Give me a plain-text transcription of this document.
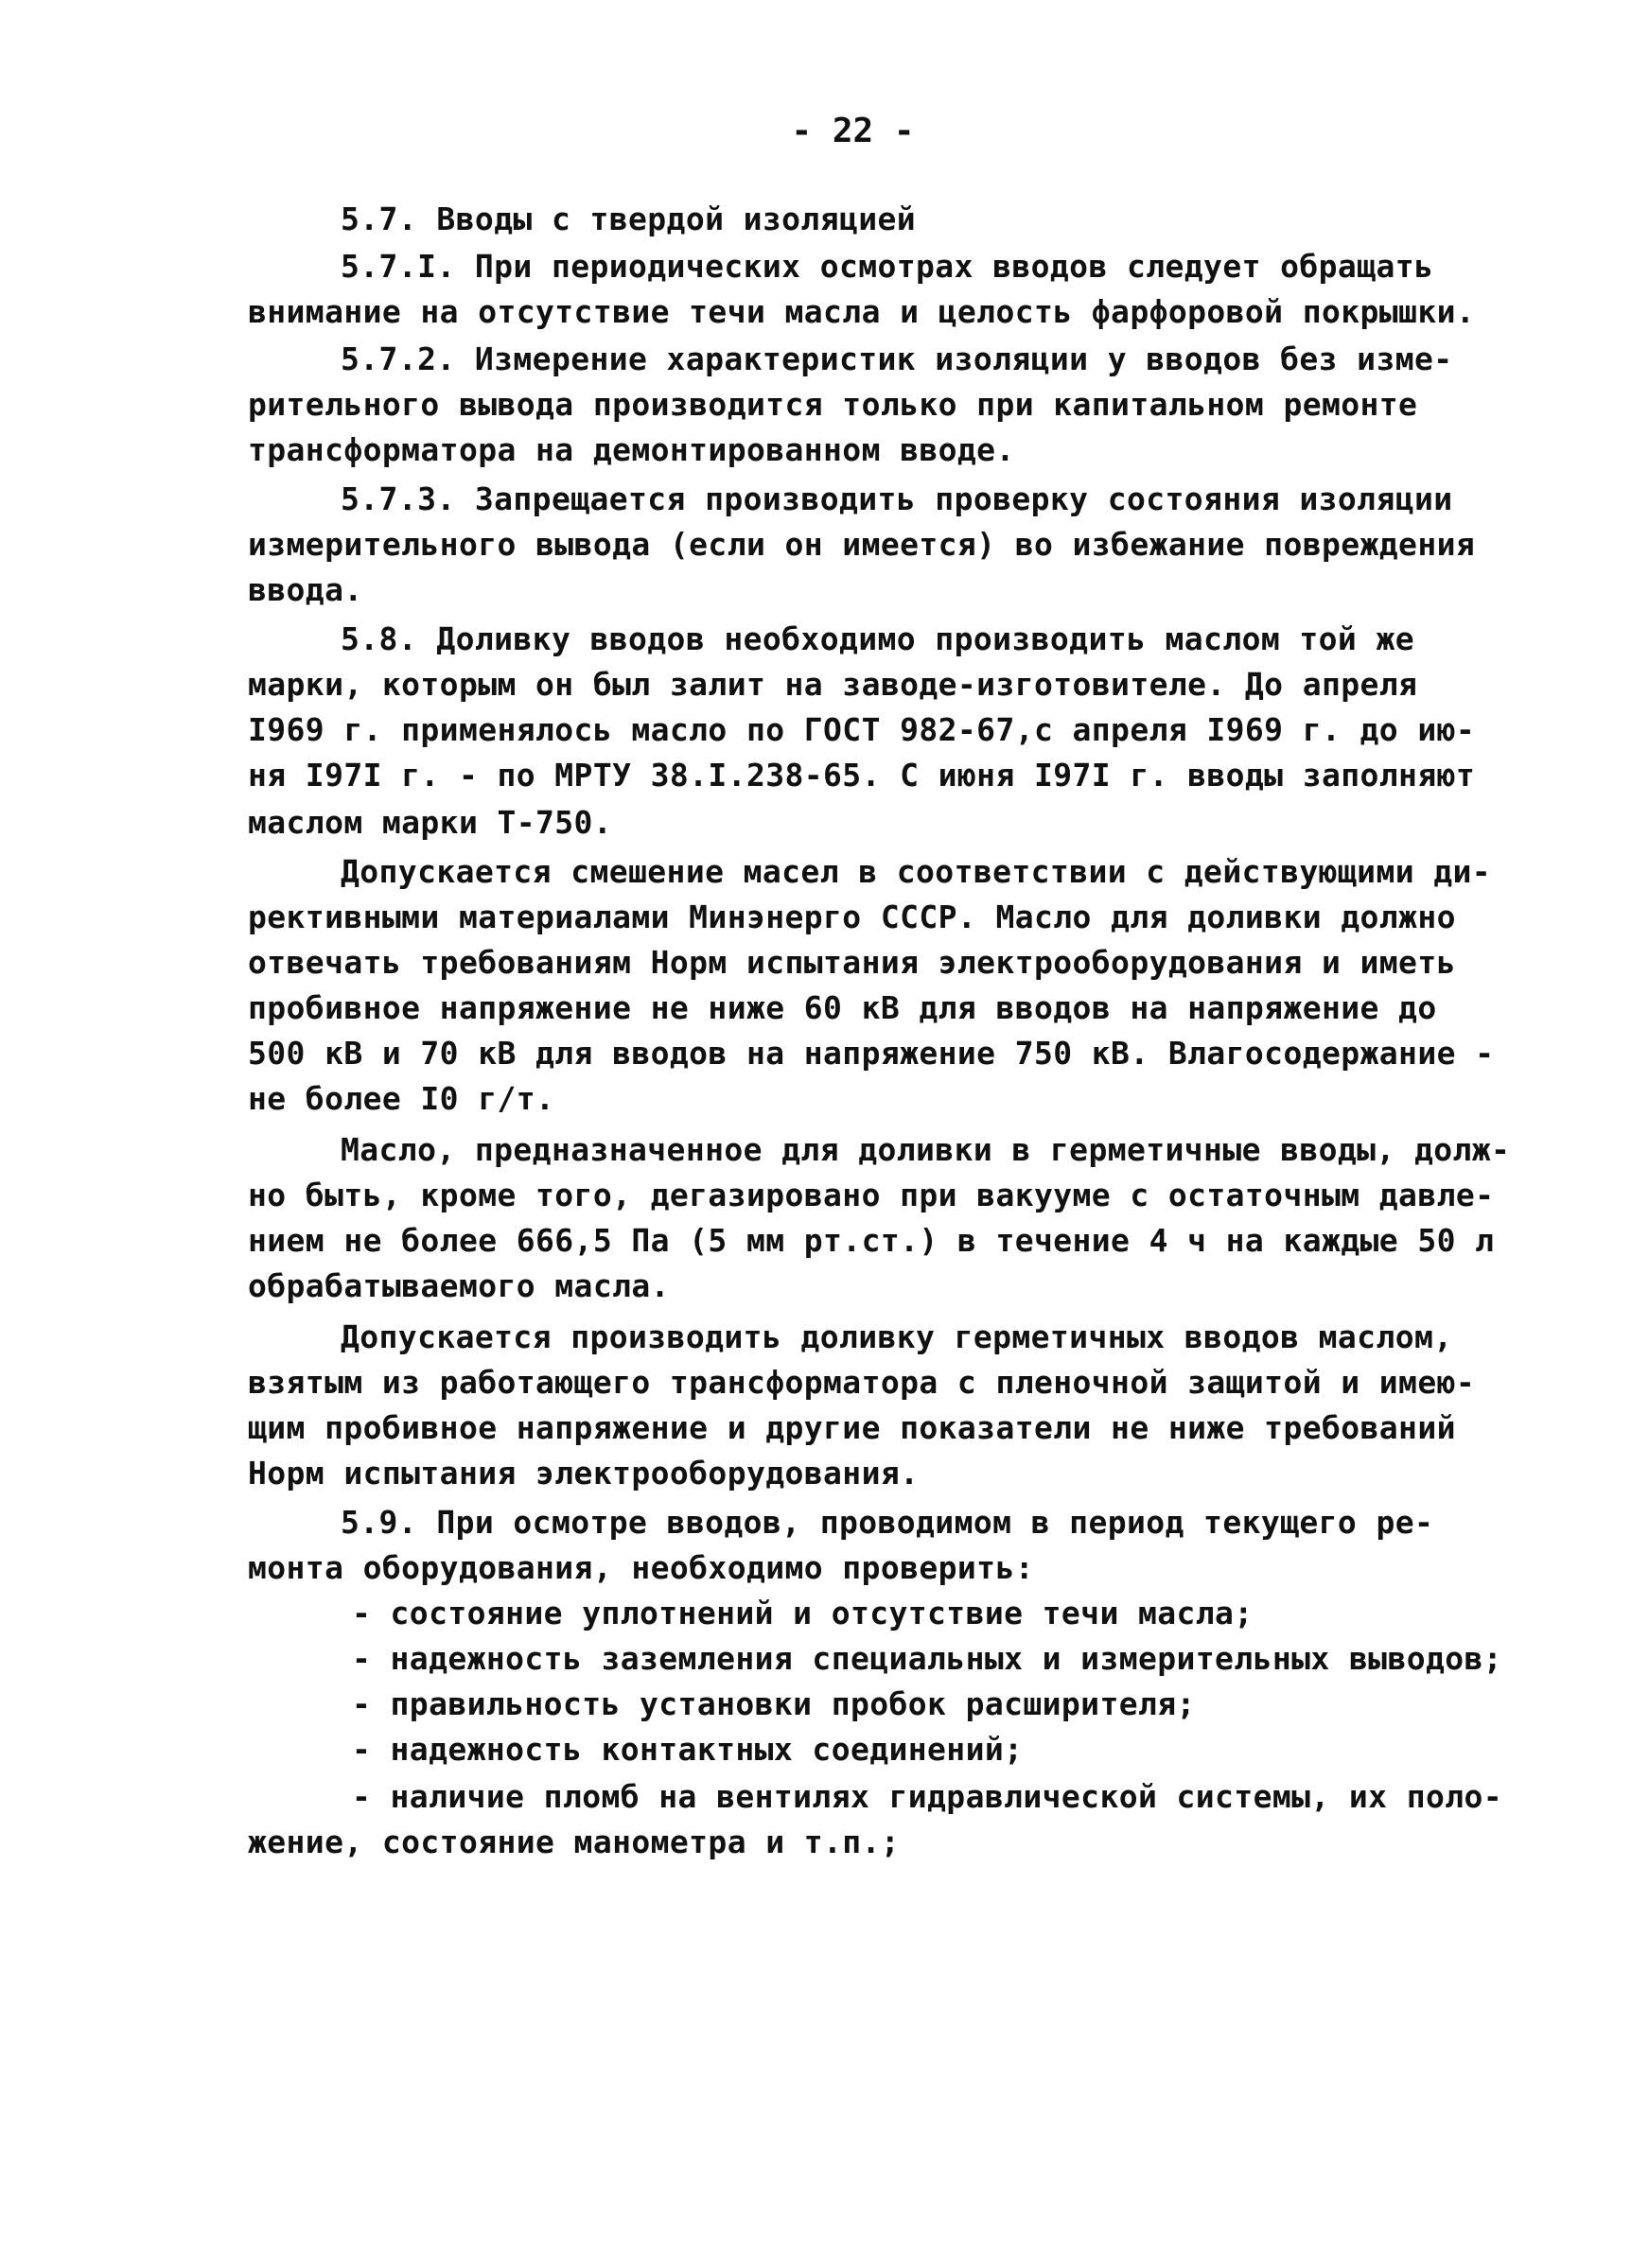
- 22 -
5.7. Вводы с твердой изоляцией
5.7.I. При периодических осмотрах вводов следует обращать
внимание на отсутствие течи масла и целость фарфоровой покрышки.
5.7.2. Измерение характеристик изоляции у вводов без изме-
рительного вывода производится только при капитальном ремонте
трансформатора на демонтированном вводе.
5.7.3. Запрещается производить проверку состояния изоляции
измерительного вывода (если он имеется) во избежание повреждения
ввода.
5.8. Доливку вводов необходимо производить маслом той же
марки, которым он был залит на заводе-изготовителе. До апреля
I969 г. применялось масло по ГОСТ 982-67,с апреля I969 г. до ию-
ня I97I г. - по МРТУ 38.I.238-65. С июня I97I г. вводы заполняют
маслом марки Т-750.
Допускается смешение масел в соответствии с действующими ди-
рективными материалами Минэнерго СССР. Масло для доливки должно
отвечать требованиям Норм испытания электрооборудования и иметь
пробивное напряжение не ниже 60 кВ для вводов на напряжение до
500 кВ и 70 кВ для вводов на напряжение 750 кВ. Влагосодержание -
не более I0 г/т.
Масло, предназначенное для доливки в герметичные вводы, долж-
но быть, кроме того, дегазировано при вакууме с остаточным давле-
нием не более 666,5 Па (5 мм рт.ст.) в течение 4 ч на каждые 50 л
обрабатываемого масла.
Допускается производить доливку герметичных вводов маслом,
взятым из работающего трансформатора с пленочной защитой и имею-
щим пробивное напряжение и другие показатели не ниже требований
Норм испытания электрооборудования.
5.9. При осмотре вводов, проводимом в период текущего ре-
монта оборудования, необходимо проверить:
- состояние уплотнений и отсутствие течи масла;
- надежность заземления специальных и измерительных выводов;
- правильность установки пробок расширителя;
- надежность контактных соединений;
- наличие пломб на вентилях гидравлической системы, их поло-
жение, состояние манометра и т.п.;
